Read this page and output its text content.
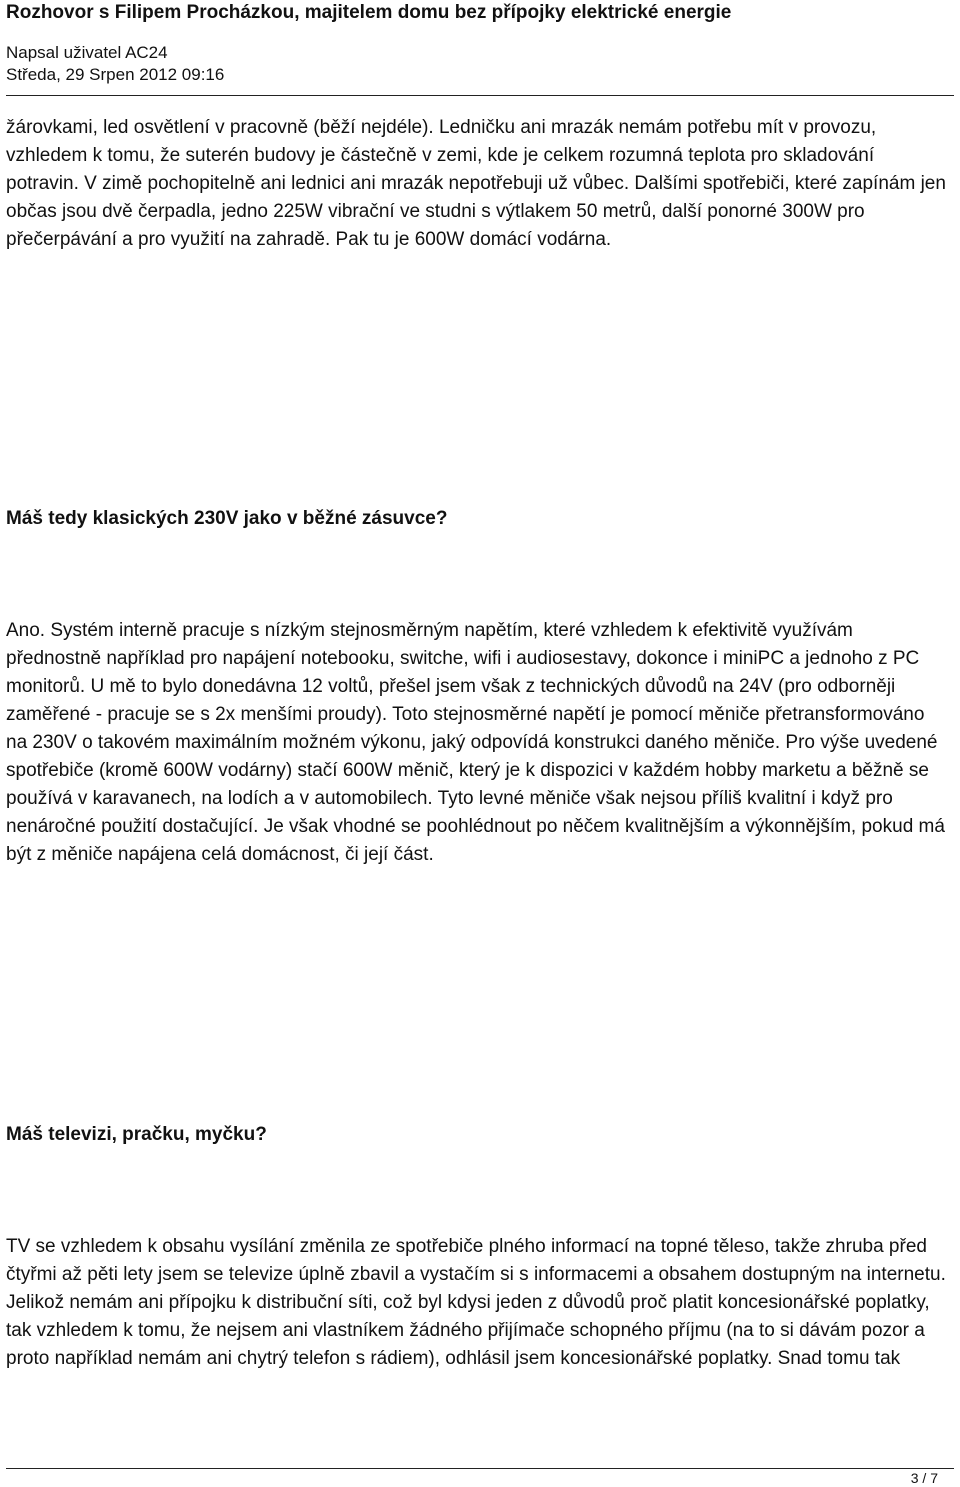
Rozhovor s Filipem Procházkou, majitelem domu bez přípojky elektrické energie
Napsal uživatel AC24
Středa, 29 Srpen 2012 09:16

žárovkami, led osvětlení v pracovně (běží nejdéle). Ledničku ani mrazák nemám potřebu mít v provozu, vzhledem k tomu, že suterén budovy je částečně v zemi, kde je celkem rozumná teplota pro skladování potravin. V zimě pochopitelně ani lednici ani mrazák nepotřebuji už vůbec. Dalšími spotřebiči, které zapínám jen občas jsou dvě čerpadla, jedno 225W vibrační ve studni s výtlakem 50 metrů, další ponorné 300W pro přečerpávání a pro využití na zahradě. Pak tu je 600W domácí vodárna.

Máš tedy klasických 230V jako v běžné zásuvce?

Ano. Systém interně pracuje s nízkým stejnosměrným napětím, které vzhledem k efektivitě využívám přednostně například pro napájení notebooku, switche, wifi i audiosestavy, dokonce i miniPC a jednoho z PC monitorů. U mě to bylo donedávna 12 voltů, přešel jsem však z technických důvodů na 24V (pro odborněji zaměřené - pracuje se s 2x menšími proudy). Toto stejnosměrné napětí je pomocí měniče přetransformováno na 230V o takovém maximálním možném výkonu, jaký odpovídá konstrukci daného měniče. Pro výše uvedené spotřebiče (kromě 600W vodárny) stačí 600W měnič, který je k dispozici v každém hobby marketu a běžně se používá v karavanech, na lodích a v automobilech. Tyto levné měniče však nejsou příliš kvalitní i když pro nenáročné použití dostačující. Je však vhodné se poohlédnout po něčem kvalitnějším a výkonnějším, pokud má být z měniče napájena celá domácnost, či její část.

Máš televizi, pračku, myčku?

TV se vzhledem k obsahu vysílání změnila ze spotřebiče plného informací na topné těleso, takže zhruba před čtyřmi až pěti lety jsem se televize úplně zbavil a vystačím si s informacemi a obsahem dostupným na internetu. Jelikož nemám ani přípojku k distribuční síti, což byl kdysi jeden z důvodů proč platit koncesionářské poplatky, tak vzhledem k tomu, že nejsem ani vlastníkem žádného přijímače schopného příjmu (na to si dávám pozor a proto například nemám ani chytrý telefon s rádiem), odhlásil jsem koncesionářské poplatky. Snad tomu tak

3 / 7
